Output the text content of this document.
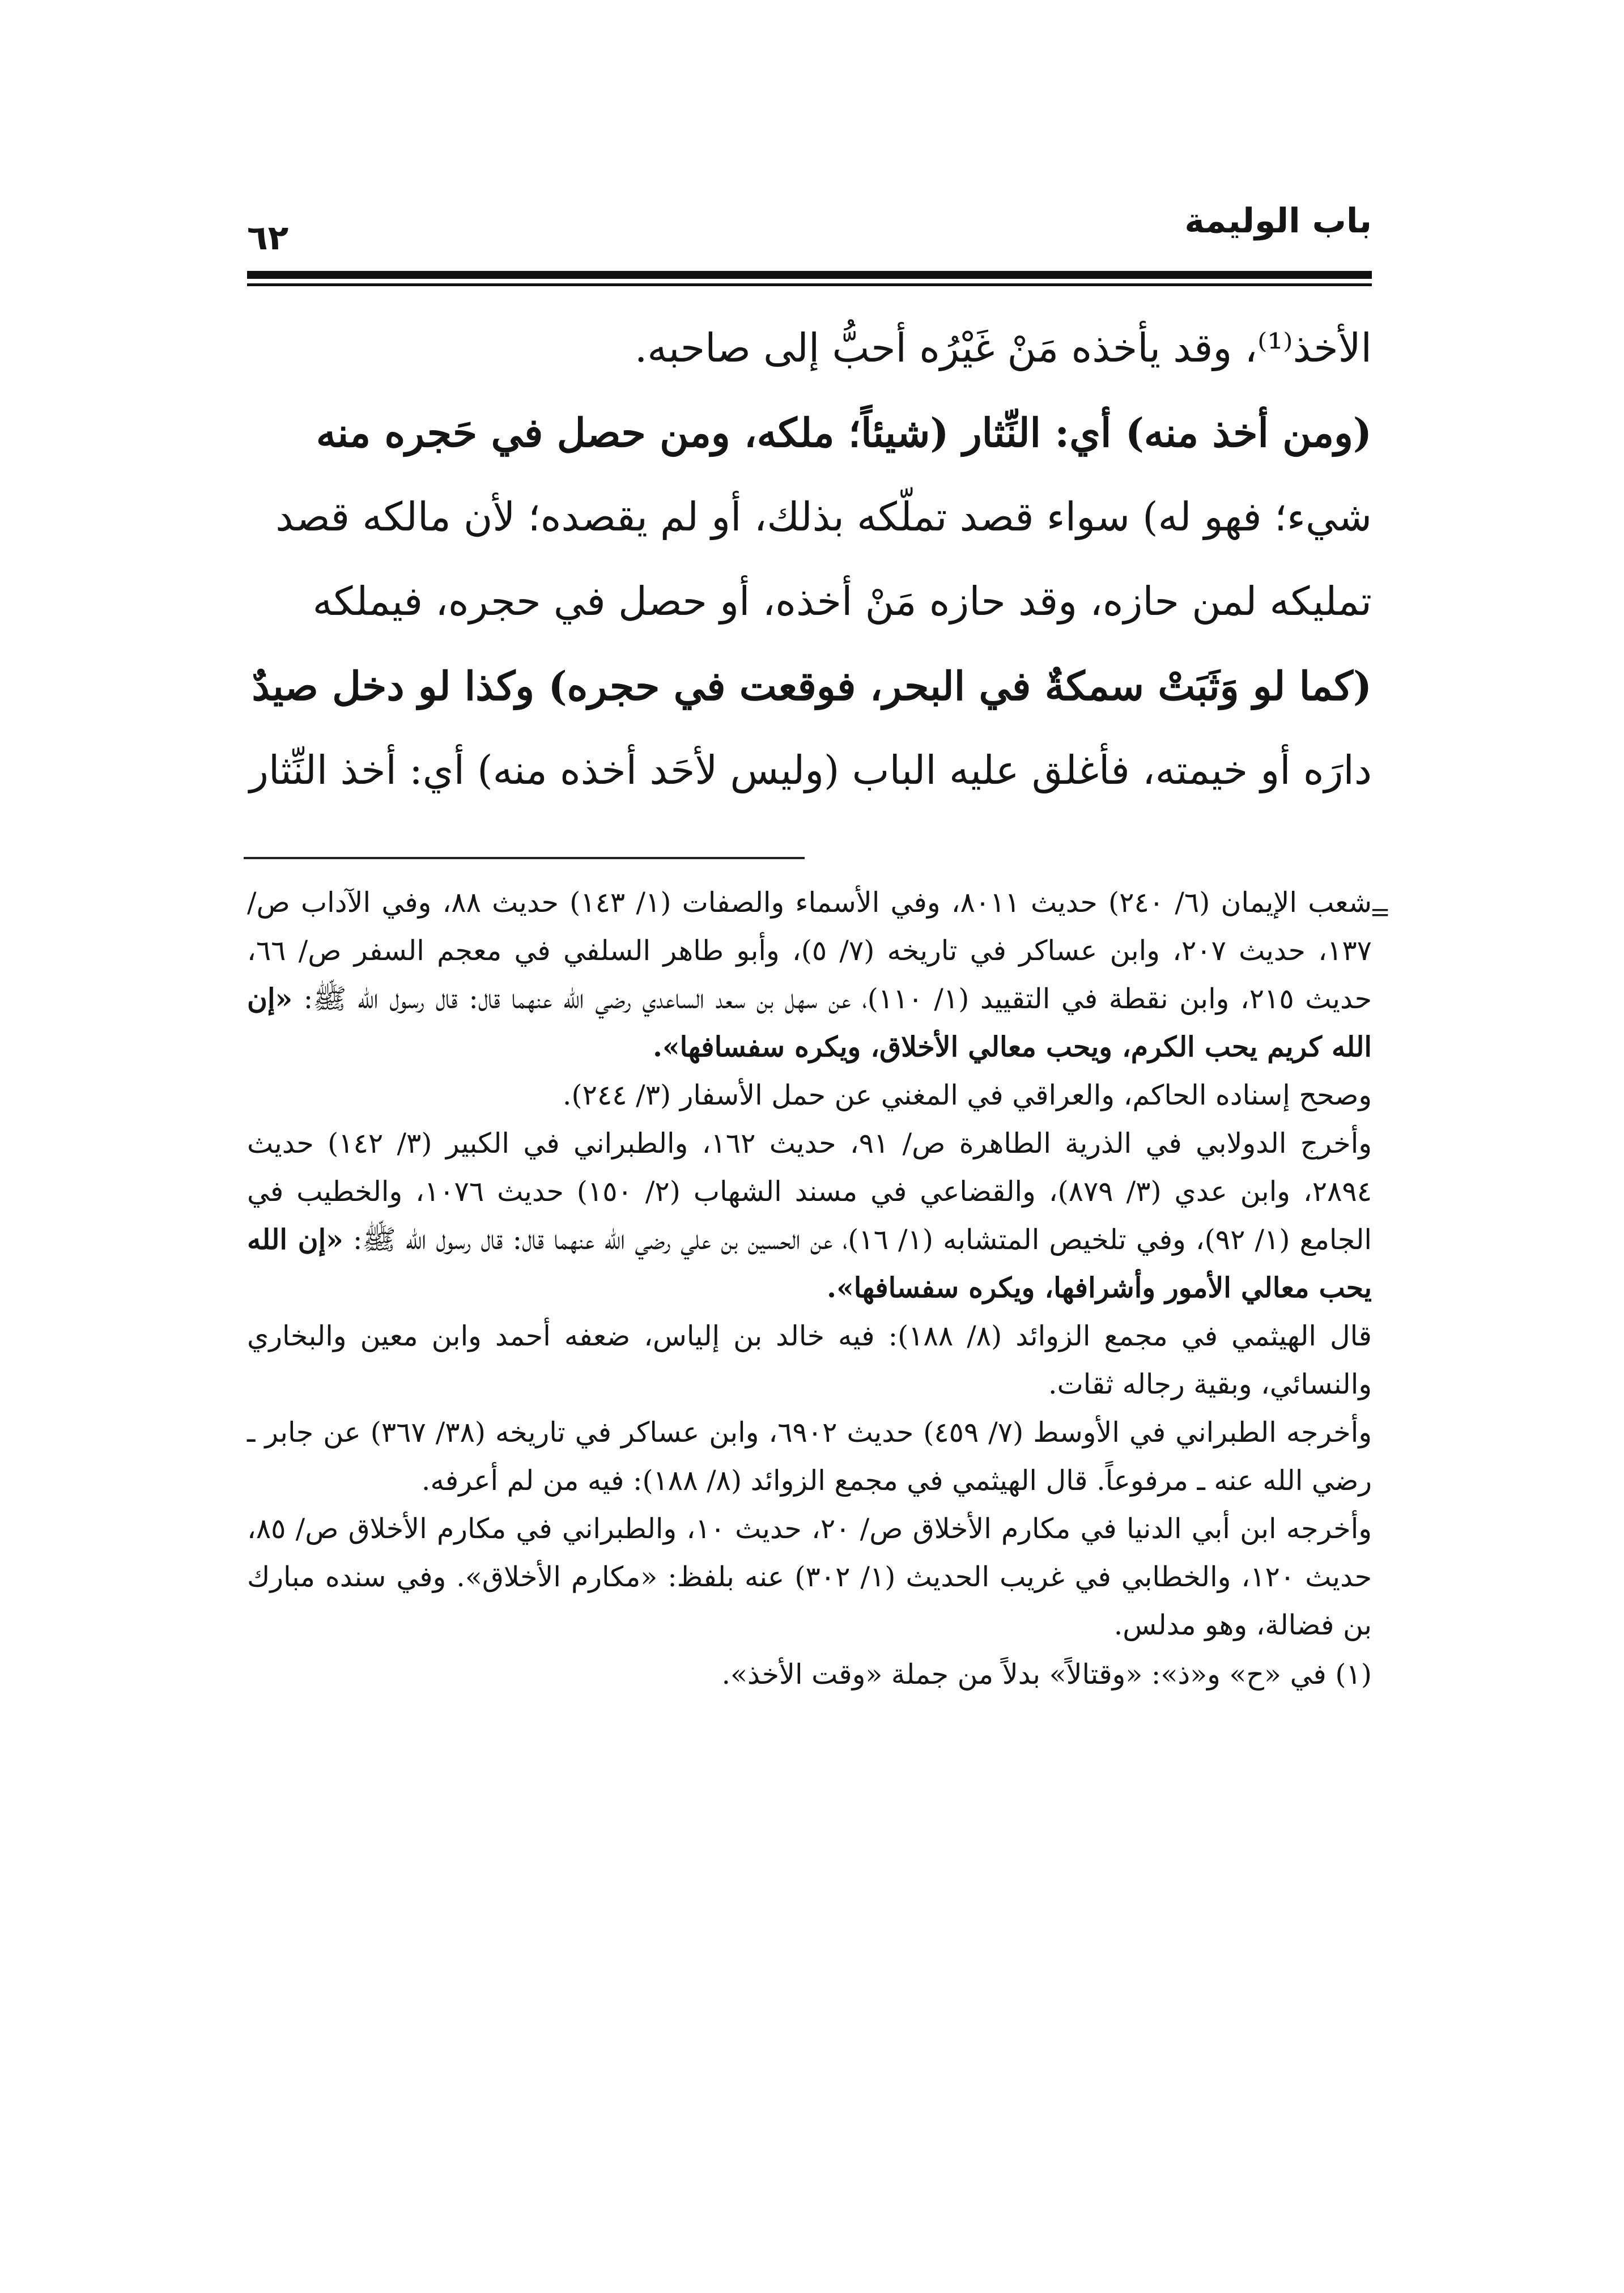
باب الوليمة
٦٢

الأخذ⁽¹⁾، وقد يأخذه مَنْ غَيْرُه أحبُّ إلى صاحبه.

(ومن أخذ منه) أي: النِّثار (شيئاً؛ ملكه، ومن حصل في حَجره منه

شيء؛ فهو له) سواء قصد تملّكه بذلك، أو لم يقصده؛ لأن مالكه قصد

تمليكه لمن حازه، وقد حازه مَنْ أخذه، أو حصل في حجره، فيملكه

(كما لو وَثَبَتْ سمكةٌ في البحر، فوقعت في حجره) وكذا لو دخل صيدٌ

دارَه أو خيمته، فأغلق عليه الباب (وليس لأحَد أخذه منه) أي: أخذ النِّثار

=

شعب الإيمان (٦/ ٢٤٠) حديث ٨٠١١، وفي الأسماء والصفات (١/ ١٤٣) حديث ٨٨، وفي الآداب ص/ ١٣٧، حديث ٢٠٧، وابن عساكر في تاريخه (٧/ ٥)، وأبو طاهر السلفي في معجم السفر ص/ ٦٦، حديث ٢١٥، وابن نقطة في التقييد (١/ ١١٠)، عن سهل بن سعد الساعدي رضي الله عنهما قال: قال رسول الله ﷺ: «إن الله كريم يحب الكرم، ويحب معالي الأخلاق، ويكره سفسافها».

وصحح إسناده الحاكم، والعراقي في المغني عن حمل الأسفار (٣/ ٢٤٤).

وأخرج الدولابي في الذرية الطاهرة ص/ ٩١، حديث ١٦٢، والطبراني في الكبير (٣/ ١٤٢) حديث ٢٨٩٤، وابن عدي (٣/ ٨٧٩)، والقضاعي في مسند الشهاب (٢/ ١٥٠) حديث ١٠٧٦، والخطيب في الجامع (١/ ٩٢)، وفي تلخيص المتشابه (١/ ١٦)، عن الحسين بن علي رضي الله عنهما قال: قال رسول الله ﷺ: «إن الله يحب معالي الأمور وأشرافها، ويكره سفسافها».

قال الهيثمي في مجمع الزوائد (٨/ ١٨٨): فيه خالد بن إلياس، ضعفه أحمد وابن معين والبخاري والنسائي، وبقية رجاله ثقات.

وأخرجه الطبراني في الأوسط (٧/ ٤٥٩) حديث ٦٩٠٢، وابن عساكر في تاريخه (٣٨/ ٣٦٧) عن جابر ـ رضي الله عنه ـ مرفوعاً. قال الهيثمي في مجمع الزوائد (٨/ ١٨٨): فيه من لم أعرفه.

وأخرجه ابن أبي الدنيا في مكارم الأخلاق ص/ ٢٠، حديث ١٠، والطبراني في مكارم الأخلاق ص/ ٨٥، حديث ١٢٠، والخطابي في غريب الحديث (١/ ٣٠٢) عنه بلفظ: «مكارم الأخلاق». وفي سنده مبارك بن فضالة، وهو مدلس.

(١) في «ح» و«ذ»: «وقتالاً» بدلاً من جملة «وقت الأخذ».
